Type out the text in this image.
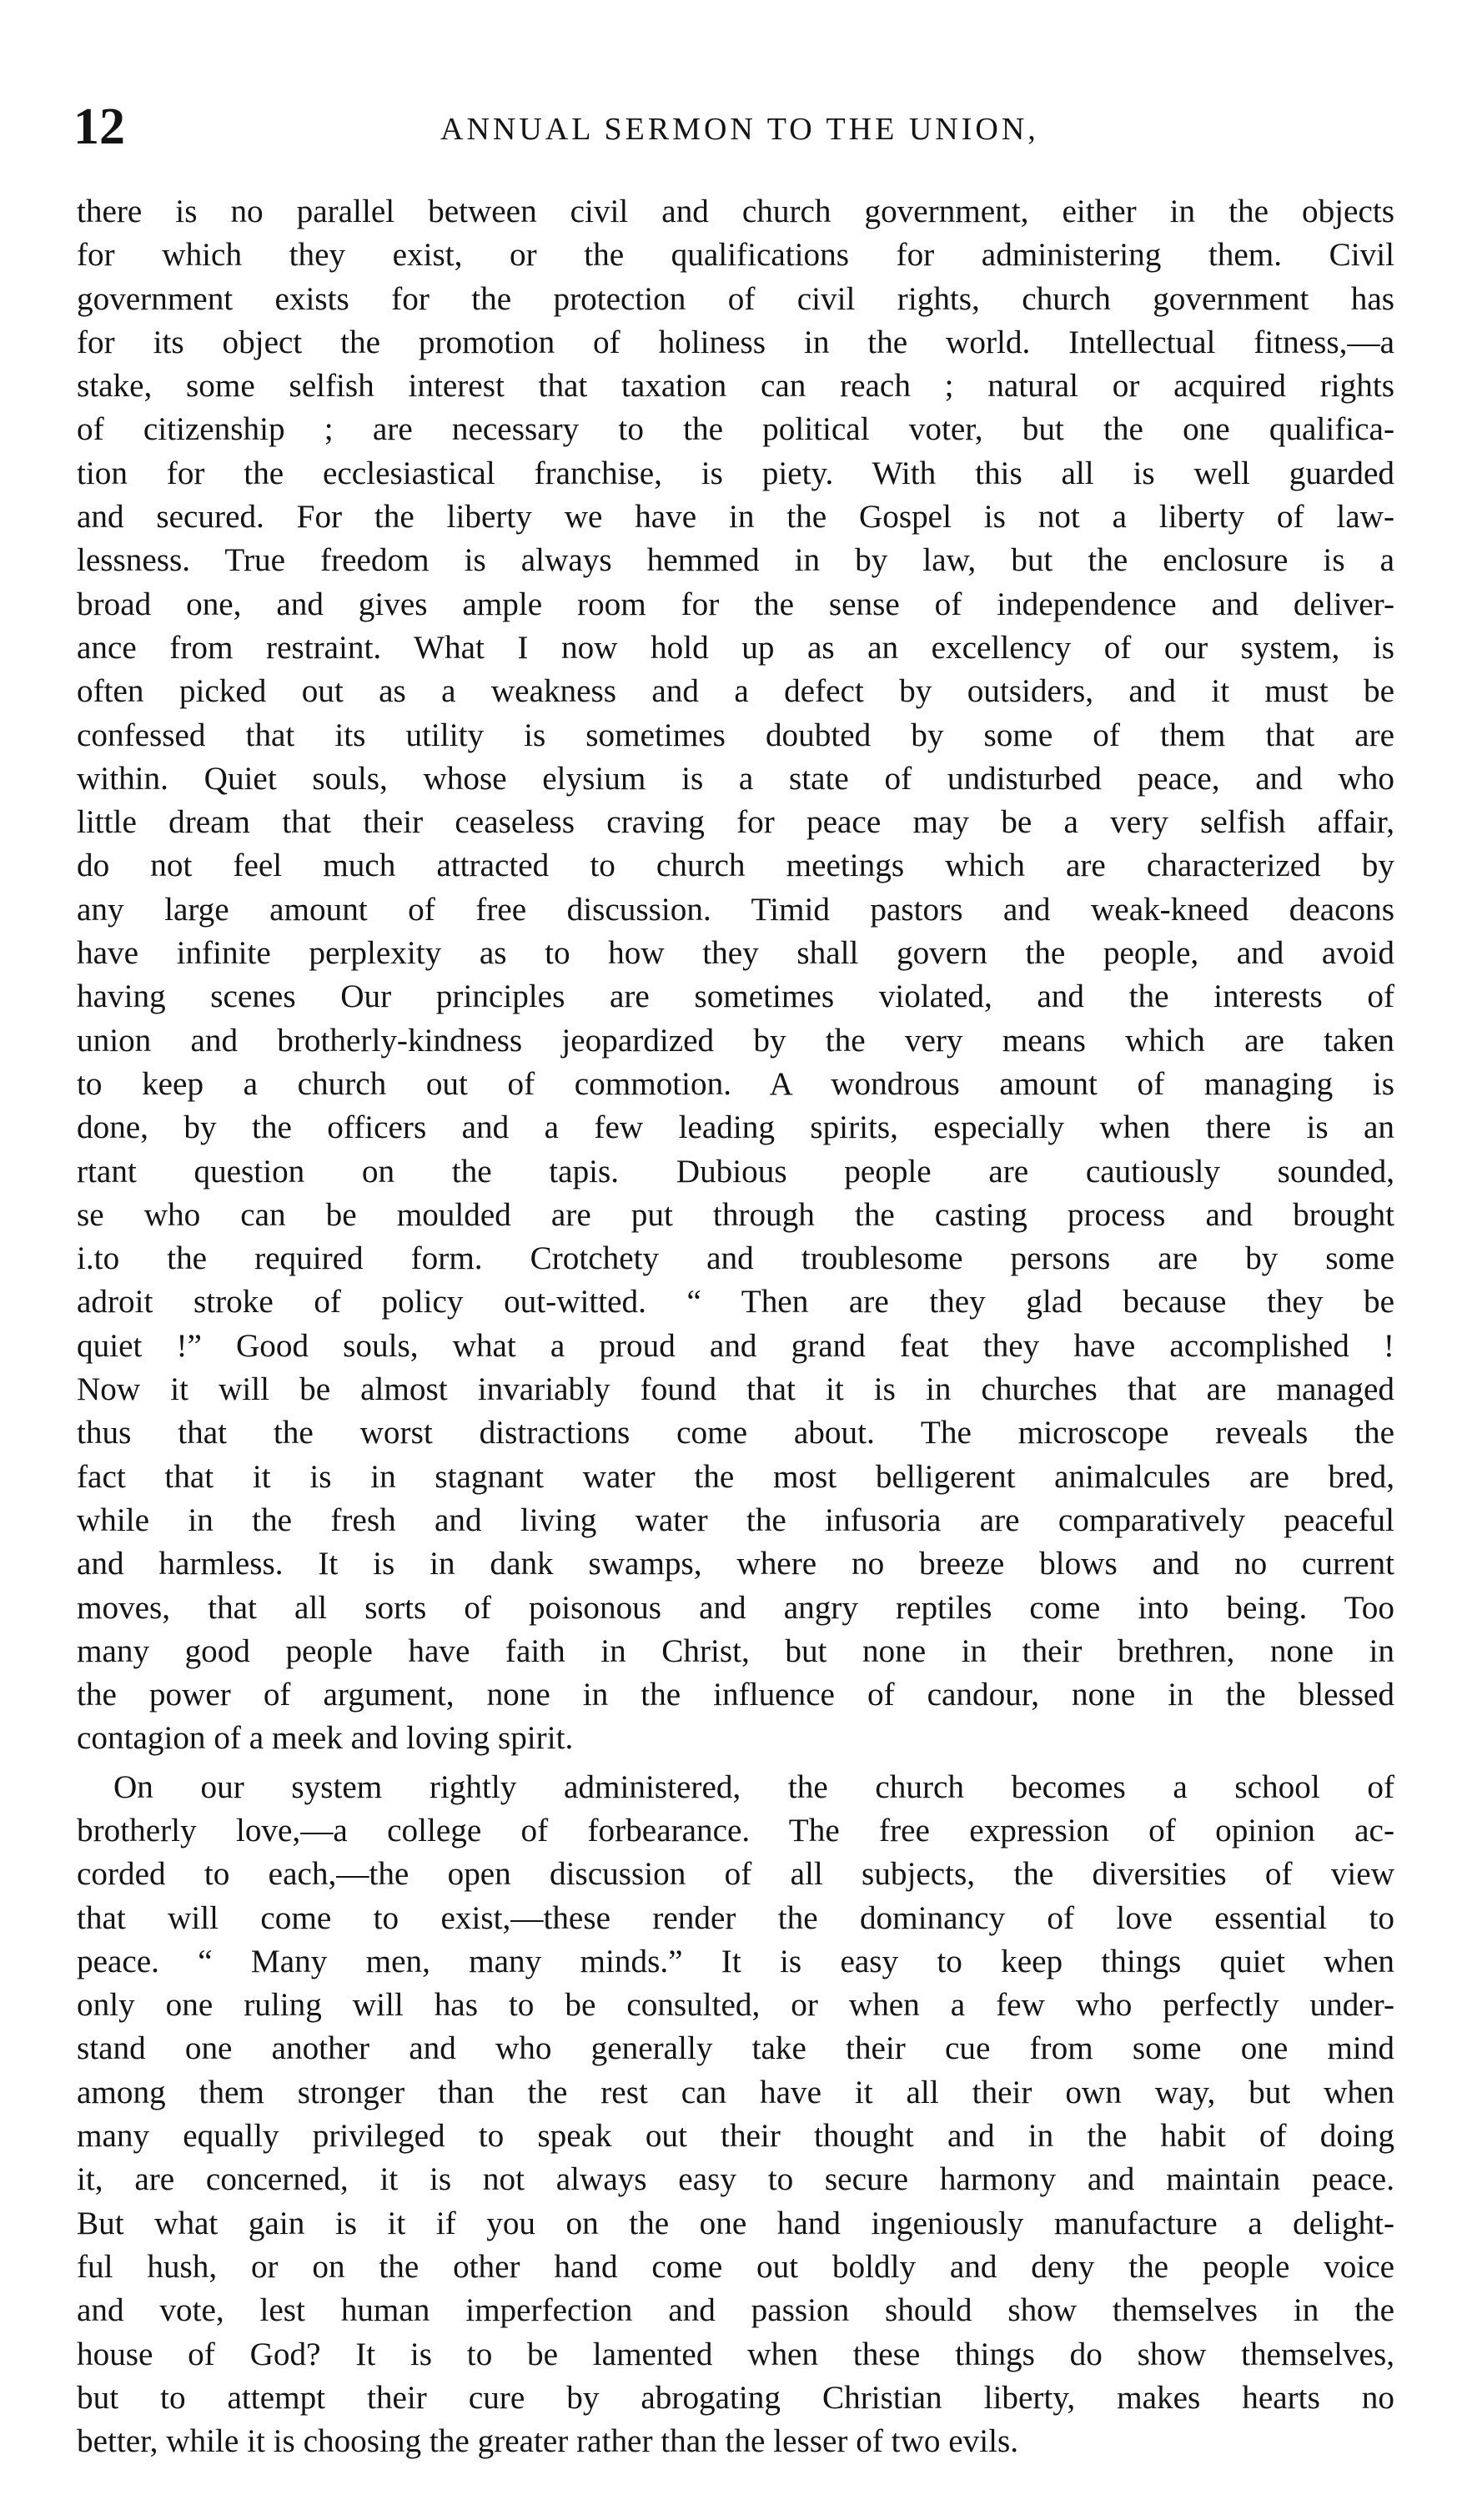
12	ANNUAL SERMON TO THE UNION,
there is no parallel between civil and church government, either in the objects
for which they exist, or the qualifications for administering them. Civil
government exists for the protection of civil rights, church government has
for its object the promotion of holiness in the world. Intellectual fitness,—a
stake, some selfish interest that taxation can reach ; natural or acquired rights
of citizenship ; are necessary to the political voter, but the one qualifica-
tion for the ecclesiastical franchise, is piety. With this all is well guarded
and secured. For the liberty we have in the Gospel is not a liberty of law-
lessness. True freedom is always hemmed in by law, but the enclosure is a
broad one, and gives ample room for the sense of independence and deliver-
ance from restraint. What I now hold up as an excellency of our system, is
often picked out as a weakness and a defect by outsiders, and it must be
confessed that its utility is sometimes doubted by some of them that are
within. Quiet souls, whose elysium is a state of undisturbed peace, and who
little dream that their ceaseless craving for peace may be a very selfish affair,
do not feel much attracted to church meetings which are characterized by
any large amount of free discussion. Timid pastors and weak-kneed deacons
have infinite perplexity as to how they shall govern the people, and avoid
having scenes Our principles are sometimes violated, and the interests of
union and brotherly-kindness jeopardized by the very means which are taken
to keep a church out of commotion. A wondrous amount of managing is
done, by the officers and a few leading spirits, especially when there is an
rtant question on the tapis. Dubious people are cautiously sounded,
se who can be moulded are put through the casting process and brought
i.to the required form. Crotchety and troublesome persons are by some
adroit stroke of policy out-witted. “ Then are they glad because they be
quiet !” Good souls, what a proud and grand feat they have accomplished !
Now it will be almost invariably found that it is in churches that are managed
thus that the worst distractions come about. The microscope reveals the
fact that it is in stagnant water the most belligerent animalcules are bred,
while in the fresh and living water the infusoria are comparatively peaceful
and harmless. It is in dank swamps, where no breeze blows and no current
moves, that all sorts of poisonous and angry reptiles come into being. Too
many good people have faith in Christ, but none in their brethren, none in
the power of argument, none in the influence of candour, none in the blessed
contagion of a meek and loving spirit.
On our system rightly administered, the church becomes a school of
brotherly love,—a college of forbearance. The free expression of opinion ac-
corded to each,—the open discussion of all subjects, the diversities of view
that will come to exist,—these render the dominancy of love essential to
peace. “ Many men, many minds.” It is easy to keep things quiet when
only one ruling will has to be consulted, or when a few who perfectly under-
stand one another and who generally take their cue from some one mind
among them stronger than the rest can have it all their own way, but when
many equally privileged to speak out their thought and in the habit of doing
it, are concerned, it is not always easy to secure harmony and maintain peace.
But what gain is it if you on the one hand ingeniously manufacture a delight-
ful hush, or on the other hand come out boldly and deny the people voice
and vote, lest human imperfection and passion should show themselves in the
house of God? It is to be lamented when these things do show themselves,
but to attempt their cure by abrogating Christian liberty, makes hearts no
better, while it is choosing the greater rather than the lesser of two evils.
